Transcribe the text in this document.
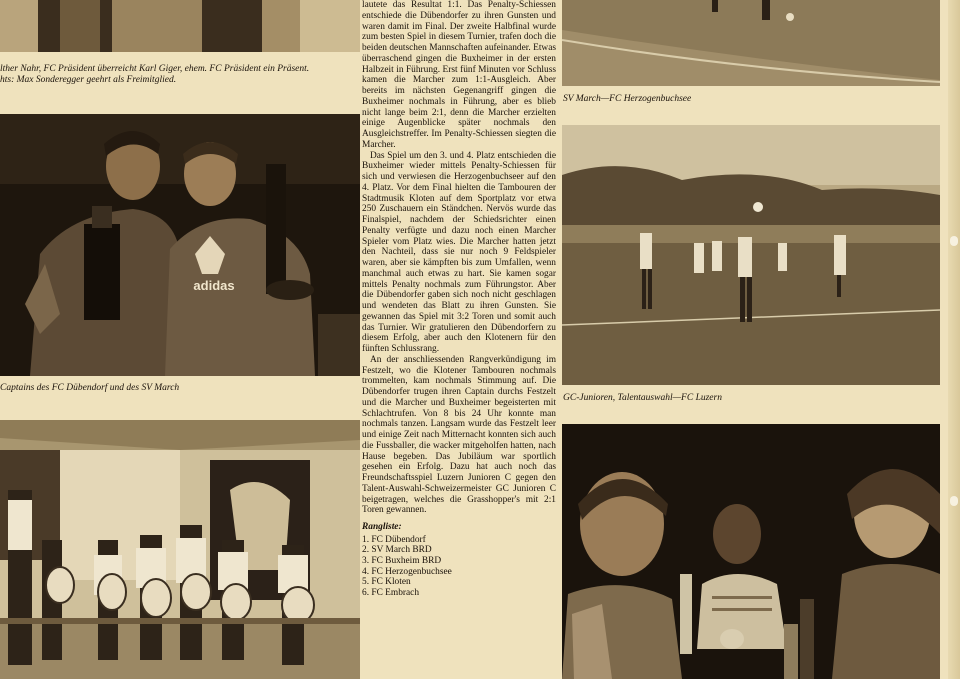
lther Nahr, FC Präsident überreicht Karl Giger, ehem. FC Präsident ein Präsent.
hts: Max Sonderegger geehrt als Freimitglied.
adidas
Captains des FC Dübendorf und des SV March

lautete das Resultat 1:1. Das Penalty-Schiessen entschiede die Dübendorfer zu ihren Gunsten und waren damit im Final. Der zweite Halbfinal wurde zum besten Spiel in diesem Turnier, trafen doch die beiden deutschen Mannschaften aufeinander. Etwas überraschend gingen die Buxheimer in der ersten Halbzeit in Führung. Erst fünf Minuten vor Schluss kamen die Marcher zum 1:1-Ausgleich. Aber bereits im nächsten Gegenangriff gingen die Buxheimer nochmals in Führung, aber es blieb nicht lange beim 2:1, denn die Marcher erzielten einige Augenblicke später nochmals den Ausgleichstreffer. Im Penalty-Schiessen siegten die Marcher.

Das Spiel um den 3. und 4. Platz entschieden die Buxheimer wieder mittels Penalty-Schiessen für sich und verwiesen die Herzogenbuchseer auf den 4. Platz. Vor dem Final hielten die Tambouren der Stadtmusik Kloten auf dem Sportplatz vor etwa 250 Zuschauern ein Ständchen. Nervös wurde das Finalspiel, nachdem der Schiedsrichter einen Penalty verfügte und dazu noch einen Marcher Spieler vom Platz wies. Die Marcher hatten jetzt den Nachteil, dass sie nur noch 9 Feldspieler waren, aber sie kämpften bis zum Umfallen, wenn manchmal auch etwas zu hart. Sie kamen sogar mittels Penalty nochmals zum Führungstor. Aber die Dübendorfer gaben sich noch nicht geschlagen und wendeten das Blatt zu ihren Gunsten. Sie gewannen das Spiel mit 3:2 Toren und somit auch das Turnier. Wir gratulieren den Dübendorfern zu diesem Erfolg, aber auch den Klotenern für den fünften Schlussrang.

An der anschliessenden Rangverkündigung im Festzelt, wo die Klotener Tambouren nochmals trommelten, kam nochmals Stimmung auf. Die Dübendorfer trugen ihren Captain durchs Festzelt und die Marcher und Buxheimer begeisterten mit Schlachtrufen. Von 8 bis 24 Uhr konnte man nochmals tanzen. Langsam wurde das Festzelt leer und einige Zeit nach Mitternacht konnten sich auch die Fussballer, die wacker mitgeholfen hatten, nach Hause begeben. Das Jubiläum war sportlich gesehen ein Erfolg. Dazu hat auch noch das Freundschaftsspiel Luzern Junioren C gegen den Talent-Auswahl-Schweizermeister GC Junioren C beigetragen, welches die Grasshopper's mit 2:1 Toren gewannen.

Rangliste:
1. FC Dübendorf
2. SV March BRD
3. FC Buxheim BRD
4. FC Herzogenbuchsee
5. FC Kloten
6. FC Embrach
SV March—FC Herzogenbuchsee
GC-Junioren, Talentauswahl—FC Luzern
